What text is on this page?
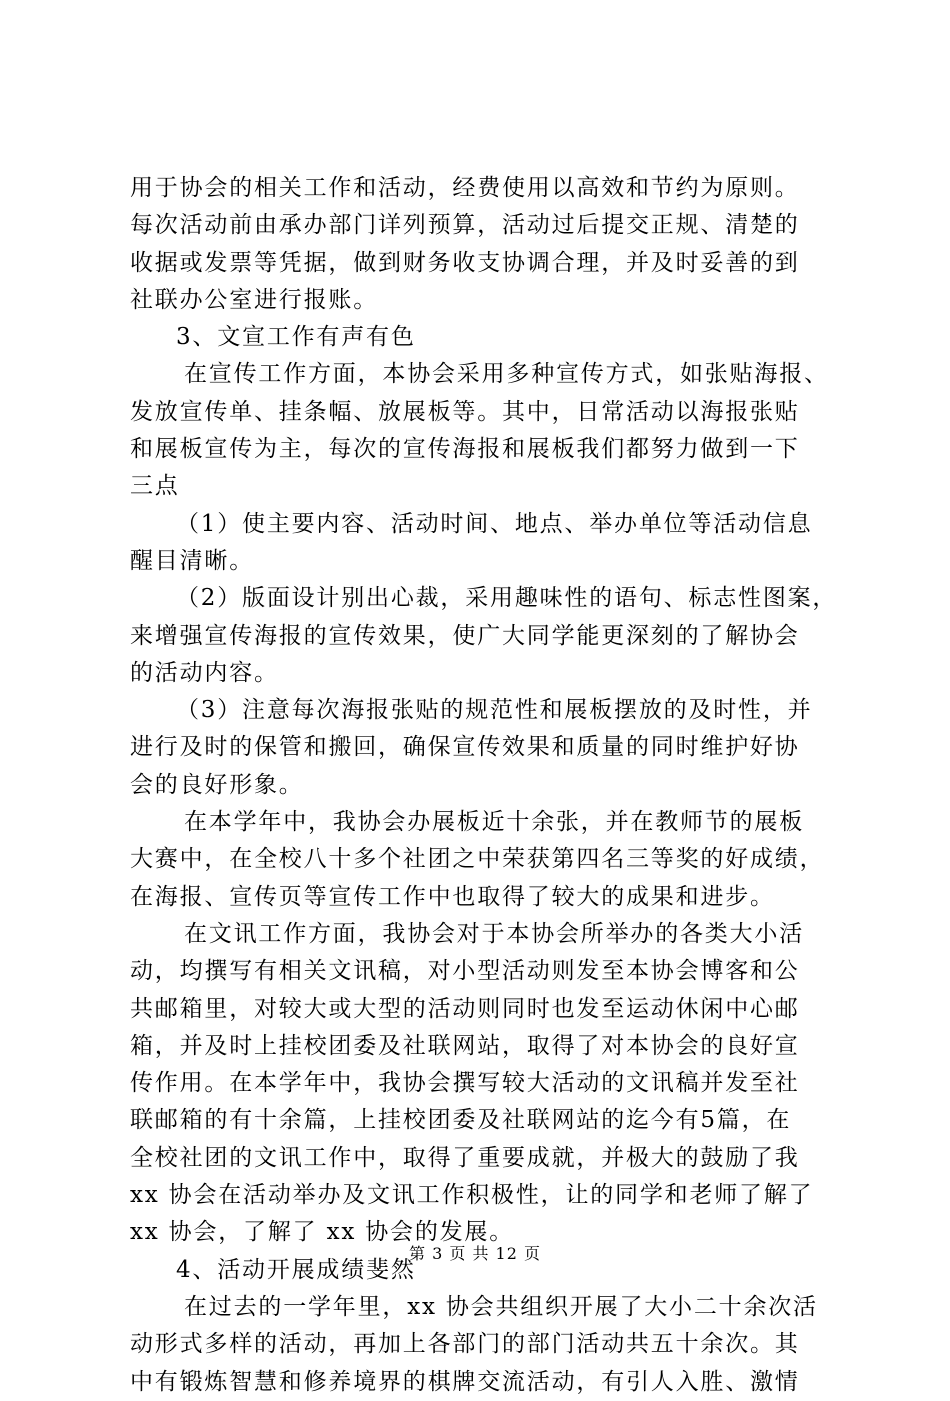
用于协会的相关工作和活动，经费使用以高效和节约为原则。
每次活动前由承办部门详列预算，活动过后提交正规、清楚的
收据或发票等凭据，做到财务收支协调合理，并及时妥善的到
社联办公室进行报账。
3、文宣工作有声有色
在宣传工作方面，本协会采用多种宣传方式，如张贴海报、
发放宣传单、挂条幅、放展板等。其中，日常活动以海报张贴
和展板宣传为主，每次的宣传海报和展板我们都努力做到一下
三点
（1）使主要内容、活动时间、地点、举办单位等活动信息
醒目清晰。
（2）版面设计别出心裁，采用趣味性的语句、标志性图案，
来增强宣传海报的宣传效果，使广大同学能更深刻的了解协会
的活动内容。
（3）注意每次海报张贴的规范性和展板摆放的及时性，并
进行及时的保管和搬回，确保宣传效果和质量的同时维护好协
会的良好形象。
在本学年中，我协会办展板近十余张，并在教师节的展板
大赛中，在全校八十多个社团之中荣获第四名三等奖的好成绩，
在海报、宣传页等宣传工作中也取得了较大的成果和进步。
在文讯工作方面，我协会对于本协会所举办的各类大小活
动，均撰写有相关文讯稿，对小型活动则发至本协会博客和公
共邮箱里，对较大或大型的活动则同时也发至运动休闲中心邮
箱，并及时上挂校团委及社联网站，取得了对本协会的良好宣
传作用。在本学年中，我协会撰写较大活动的文讯稿并发至社
联邮箱的有十余篇，上挂校团委及社联网站的迄今有5篇，在
全校社团的文讯工作中，取得了重要成就，并极大的鼓励了我
xx 协会在活动举办及文讯工作积极性，让的同学和老师了解了
xx 协会，了解了 xx 协会的发展。
4、活动开展成绩斐然
在过去的一学年里，xx 协会共组织开展了大小二十余次活
动形式多样的活动，再加上各部门的部门活动共五十余次。其
中有锻炼智慧和修养境界的棋牌交流活动，有引人入胜、激情
第 3 页 共 12 页
